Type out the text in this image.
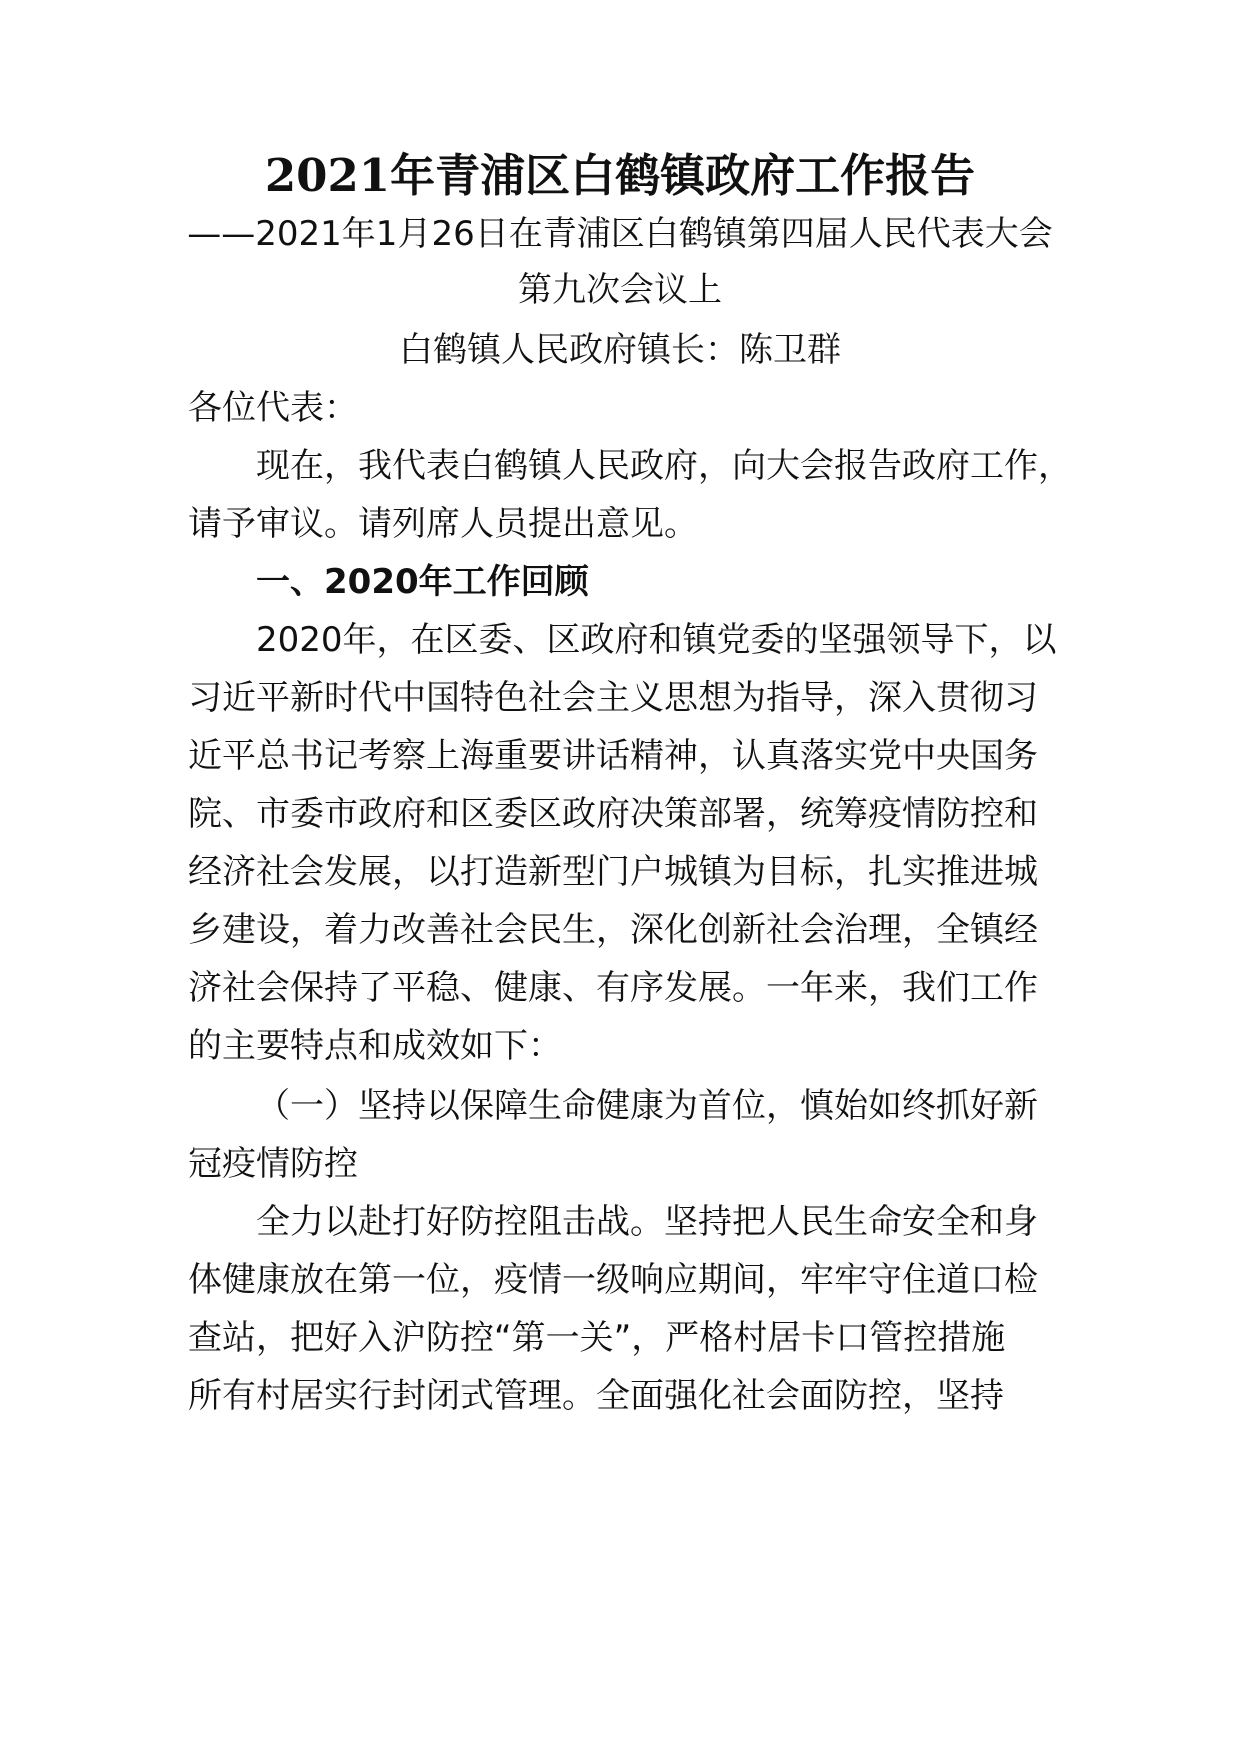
2021年青浦区白鹤镇政府工作报告
——2021年1月26日在青浦区白鹤镇第四届人民代表大会
第九次会议上
白鹤镇人民政府镇长：陈卫群
各位代表：
现在，我代表白鹤镇人民政府，向大会报告政府工作，
请予审议。请列席人员提出意见。
一、2020年工作回顾
2020年，在区委、区政府和镇党委的坚强领导下，以
习近平新时代中国特色社会主义思想为指导，深入贯彻习
近平总书记考察上海重要讲话精神，认真落实党中央国务
院、市委市政府和区委区政府决策部署，统筹疫情防控和
经济社会发展，以打造新型门户城镇为目标，扎实推进城
乡建设，着力改善社会民生，深化创新社会治理，全镇经
济社会保持了平稳、健康、有序发展。一年来，我们工作
的主要特点和成效如下：
（一）坚持以保障生命健康为首位，慎始如终抓好新
冠疫情防控
全力以赴打好防控阻击战。坚持把人民生命安全和身
体健康放在第一位，疫情一级响应期间，牢牢守住道口检
查站，把好入沪防控“第一关”，严格村居卡口管控措施
所有村居实行封闭式管理。全面强化社会面防控，坚持
